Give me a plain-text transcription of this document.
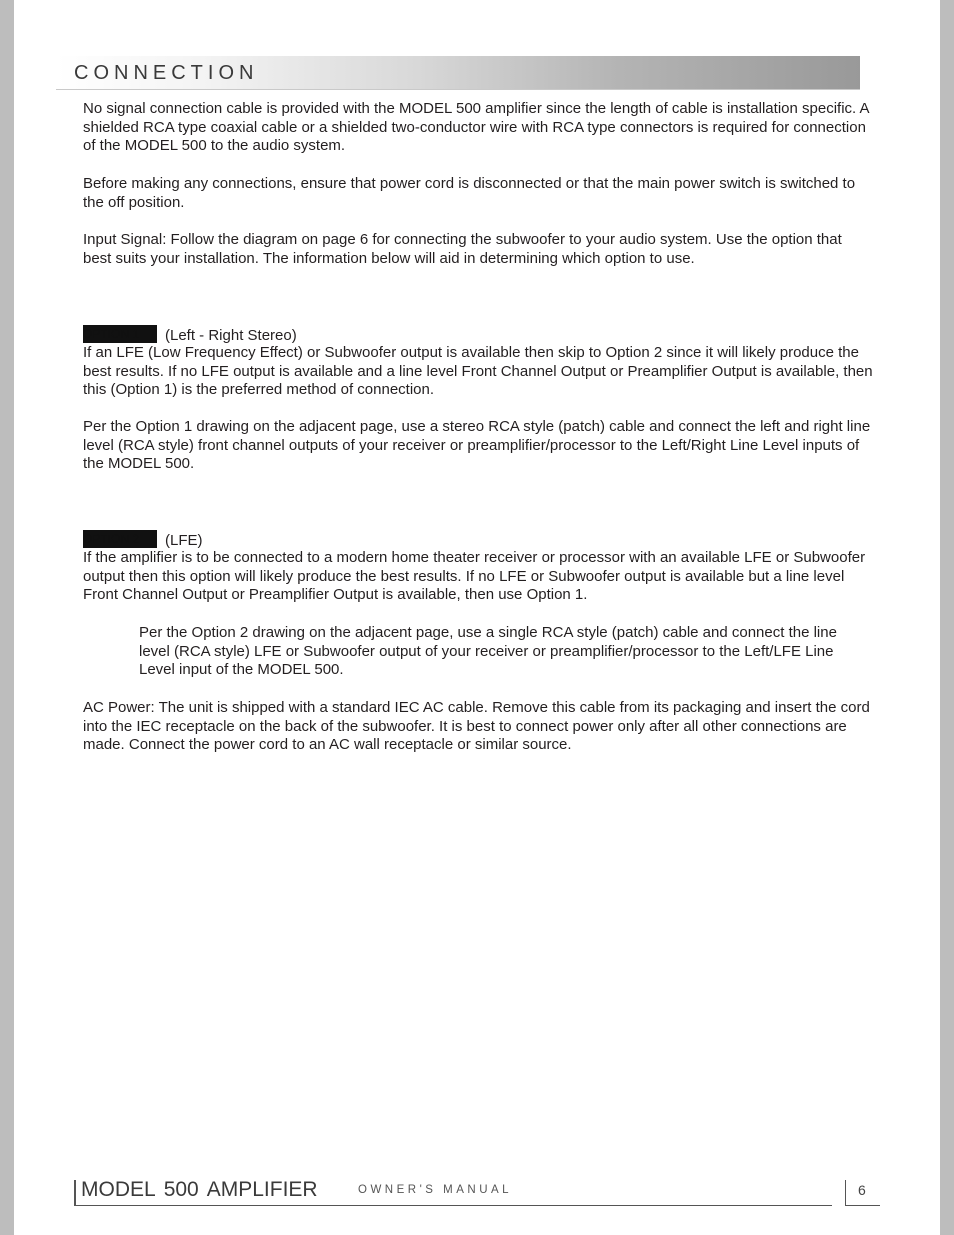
CONNECTION

No signal connection cable is provided with the MODEL 500 amplifier since the length of cable is installation specific. A shielded RCA type coaxial cable or a shielded two-conductor wire with RCA type connectors is required for connection of the MODEL 500 to the audio system.

Before making any connections, ensure that power cord is disconnected or that the main power switch is switched to the off position.

Input Signal: Follow the diagram on page 6 for connecting the subwoofer to your audio system. Use the option that best suits your installation. The information below will aid in determining which option to use.

OPTION 1 (Left - Right Stereo)

If an LFE (Low Frequency Effect) or Subwoofer output is available then skip to Option 2 since it will likely produce the best results. If no LFE output is available and a line level Front Channel Output or Preamplifier Output is available, then this (Option 1) is the preferred method of connection.

Per the Option 1 drawing on the adjacent page, use a stereo RCA style (patch) cable and connect the left and right line level (RCA style) front channel outputs of your receiver or preamplifier/processor to the Left/Right Line Level inputs of the MODEL 500.

OPTION 2 (LFE)

If the amplifier is to be connected to a modern home theater receiver or processor with an available LFE or Subwoofer output then this option will likely produce the best results. If no LFE or Subwoofer output is available but a line level Front Channel Output or Preamplifier Output is available, then use Option 1.

Per the Option 2 drawing on the adjacent page, use a single RCA style (patch) cable and connect the line level (RCA style) LFE or Subwoofer output of your receiver or preamplifier/processor to the Left/LFE Line Level input of the MODEL 500.

AC Power: The unit is shipped with a standard IEC AC cable. Remove this cable from its packaging and insert the cord into the IEC receptacle on the back of the subwoofer. It is best to connect power only after all other connections are made. Connect the power cord to an AC wall receptacle or similar source.

MODEL 500 AMPLIFIER	OWNER'S MANUAL	6
